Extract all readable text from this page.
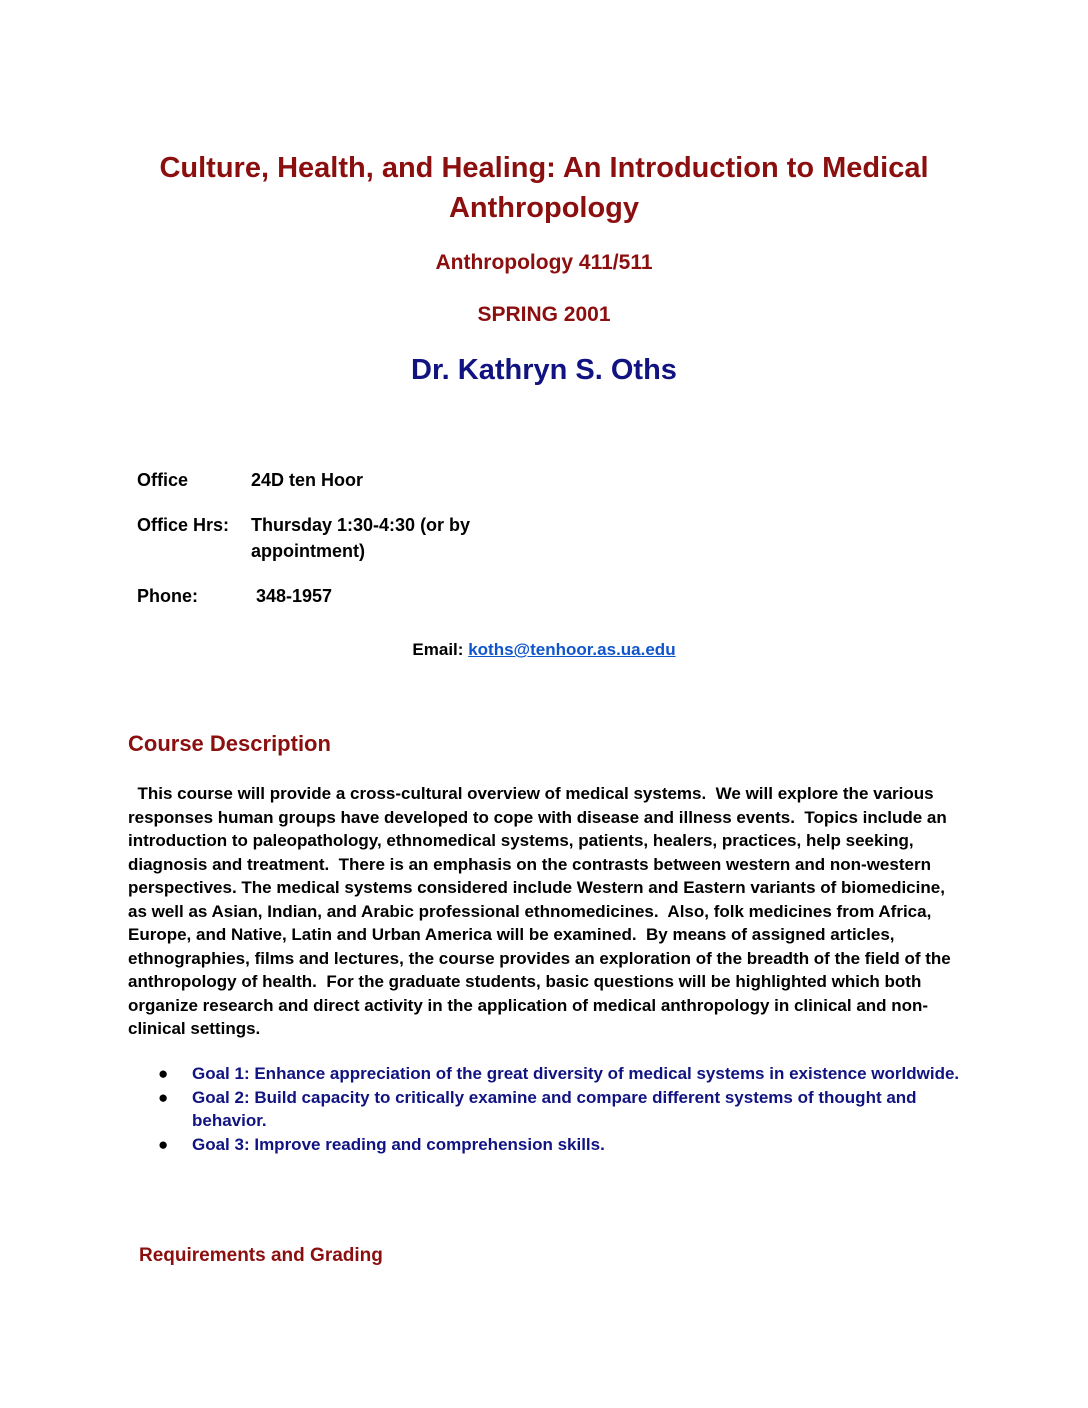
Culture, Health, and Healing: An Introduction to Medical Anthropology
Anthropology 411/511
SPRING 2001
Dr. Kathryn S. Oths
Office	24D ten Hoor
Office Hrs:	Thursday 1:30-4:30 (or by appointment)
Phone:	348-1957
Email: koths@tenhoor.as.ua.edu
Course Description

This course will provide a cross-cultural overview of medical systems.  We will explore the various responses human groups have developed to cope with disease and illness events.  Topics include an introduction to paleopathology, ethnomedical systems, patients, healers, practices, help seeking, diagnosis and treatment.  There is an emphasis on the contrasts between western and non-western perspectives. The medical systems considered include Western and Eastern variants of biomedicine, as well as Asian, Indian, and Arabic professional ethnomedicines.  Also, folk medicines from Africa, Europe, and Native, Latin and Urban America will be examined.  By means of assigned articles, ethnographies, films and lectures, the course provides an exploration of the breadth of the field of the anthropology of health.  For the graduate students, basic questions will be highlighted which both organize research and direct activity in the application of medical anthropology in clinical and non-clinical settings.

● Goal 1: Enhance appreciation of the great diversity of medical systems in existence worldwide.
● Goal 2: Build capacity to critically examine and compare different systems of thought and behavior.
● Goal 3: Improve reading and comprehension skills.
Requirements and Grading
